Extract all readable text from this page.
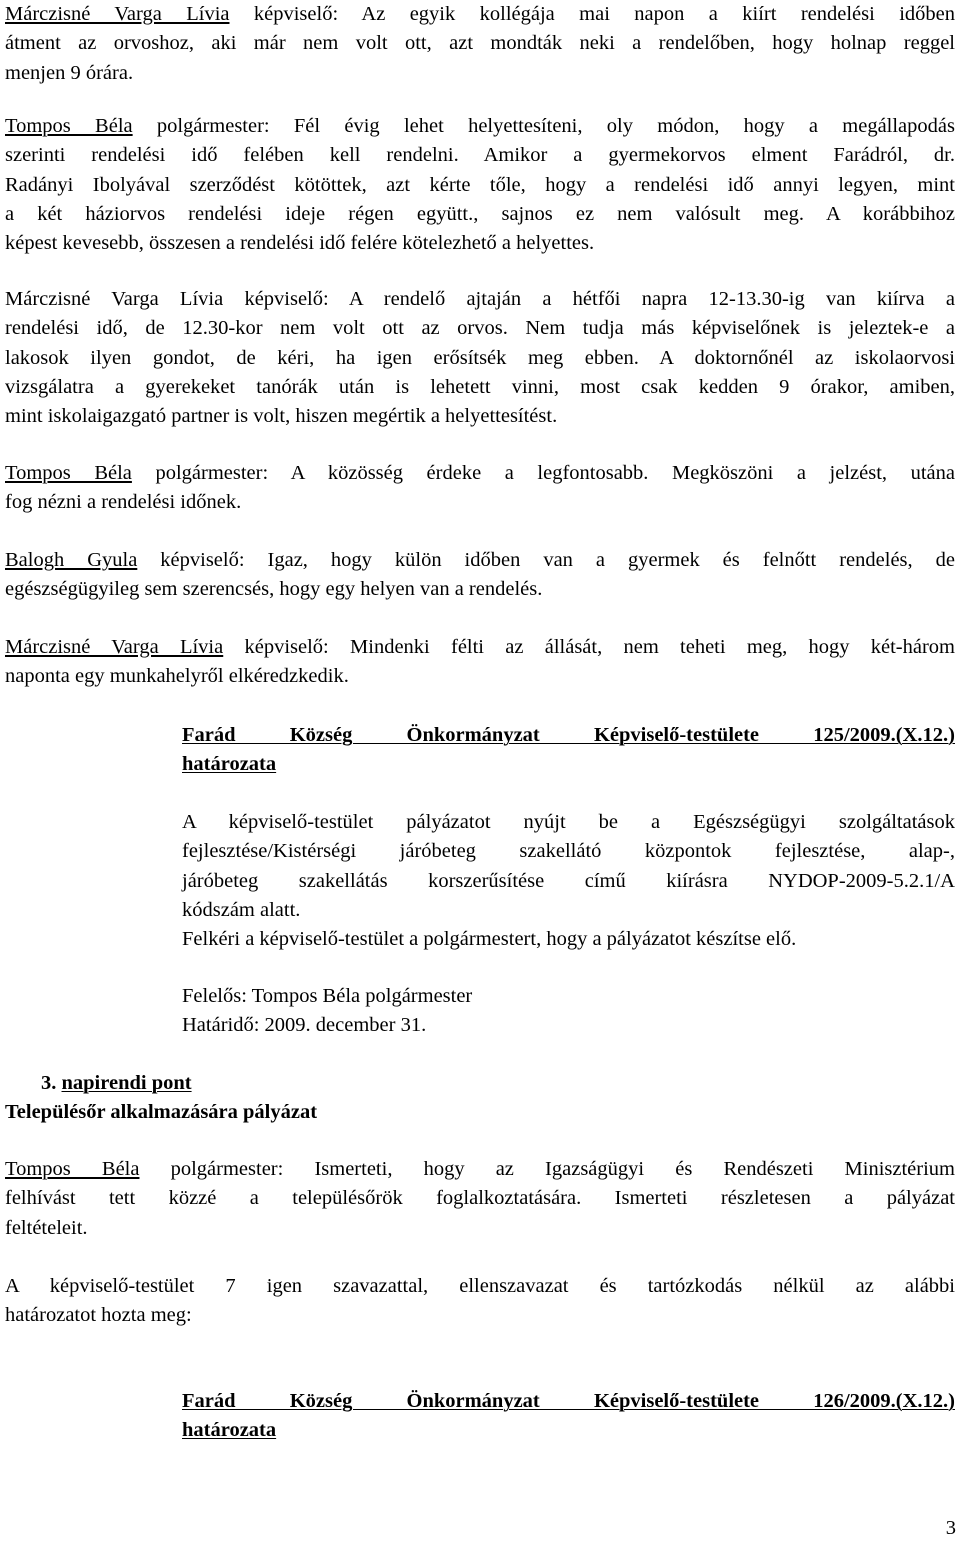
Márczisné Varga Lívia képviselő: Az egyik kollégája mai napon a kiírt rendelési időben
átment az orvoshoz, aki már nem volt ott, azt mondták neki a rendelőben, hogy holnap reggel
menjen 9 órára.
Tompos Béla polgármester: Fél évig lehet helyettesíteni, oly módon, hogy a megállapodás
szerinti rendelési idő felében kell rendelni. Amikor a gyermekorvos elment Farádról, dr.
Radányi Ibolyával szerződést kötöttek, azt kérte tőle, hogy a rendelési idő annyi legyen, mint
a két háziorvos rendelési ideje régen együtt., sajnos ez nem valósult meg. A korábbihoz
képest kevesebb, összesen a rendelési idő felére kötelezhető a helyettes.
Márczisné Varga Lívia képviselő: A rendelő ajtaján a hétfői napra 12-13.30-ig van kiírva a
rendelési idő, de 12.30-kor nem volt ott az orvos. Nem tudja más képviselőnek is jeleztek-e a
lakosok ilyen gondot, de kéri, ha igen erősítsék meg ebben. A doktornőnél az iskolaorvosi
vizsgálatra a gyerekeket tanórák után is lehetett vinni, most csak kedden 9 órakor, amiben,
mint iskolaigazgató partner is volt, hiszen megértik a helyettesítést.
Tompos Béla polgármester: A közösség érdeke a legfontosabb. Megköszöni a jelzést, utána
fog nézni a rendelési időnek.
Balogh Gyula képviselő: Igaz, hogy külön időben van a gyermek és felnőtt rendelés, de
egészségügyileg sem szerencsés, hogy egy helyen van a rendelés.
Márczisné Varga Lívia képviselő: Mindenki félti az állását, nem teheti meg, hogy két-három
naponta egy munkahelyről elkéredzkedik.
Farád Község Önkormányzat Képviselő-testülete 125/2009.(X.12.)
határozata
A képviselő-testület pályázatot nyújt be a Egészségügyi szolgáltatások
fejlesztése/Kistérségi járóbeteg szakellátó központok fejlesztése, alap-,
járóbeteg szakellátás korszerűsítése című kiírásra NYDOP-2009-5.2.1/A
kódszám alatt.
Felkéri a képviselő-testület a polgármestert, hogy a pályázatot készítse elő.
Felelős: Tompos Béla polgármester
Határidő: 2009. december 31.
3. napirendi pont
Településőr alkalmazására pályázat
Tompos Béla polgármester: Ismerteti, hogy az Igazságügyi és Rendészeti Minisztérium
felhívást tett közzé a településőrök foglalkoztatására. Ismerteti részletesen a pályázat
feltételeit.
A képviselő-testület 7 igen szavazattal, ellenszavazat és tartózkodás nélkül az alábbi
határozatot hozta meg:
Farád Község Önkormányzat Képviselő-testülete 126/2009.(X.12.)
határozata
3
